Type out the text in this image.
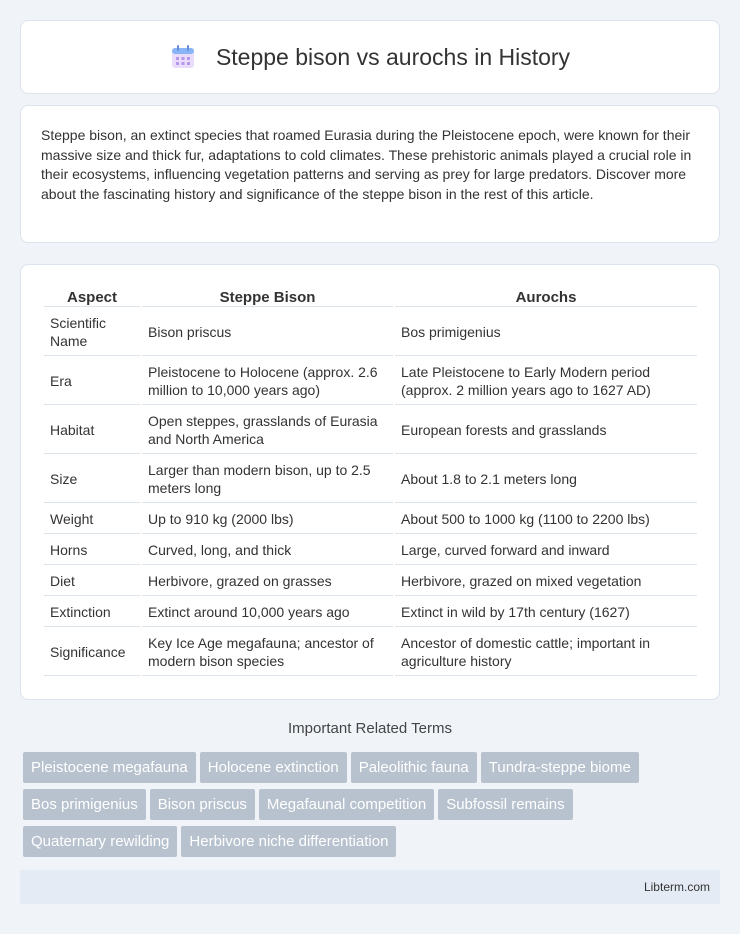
Steppe bison vs aurochs in History

Steppe bison, an extinct species that roamed Eurasia during the Pleistocene epoch, were known for their massive size and thick fur, adaptations to cold climates. These prehistoric animals played a crucial role in their ecosystems, influencing vegetation patterns and serving as prey for large predators. Discover more about the fascinating history and significance of the steppe bison in the rest of this article.

Aspect	Steppe Bison	Aurochs
Scientific Name	Bison priscus	Bos primigenius
Era	Pleistocene to Holocene (approx. 2.6 million to 10,000 years ago)	Late Pleistocene to Early Modern period (approx. 2 million years ago to 1627 AD)
Habitat	Open steppes, grasslands of Eurasia and North America	European forests and grasslands
Size	Larger than modern bison, up to 2.5 meters long	About 1.8 to 2.1 meters long
Weight	Up to 910 kg (2000 lbs)	About 500 to 1000 kg (1100 to 2200 lbs)
Horns	Curved, long, and thick	Large, curved forward and inward
Diet	Herbivore, grazed on grasses	Herbivore, grazed on mixed vegetation
Extinction	Extinct around 10,000 years ago	Extinct in wild by 17th century (1627)
Significance	Key Ice Age megafauna; ancestor of modern bison species	Ancestor of domestic cattle; important in agriculture history
Important Related Terms
Pleistocene megafauna Holocene extinction Paleolithic fauna Tundra-steppe biome
Bos primigenius Bison priscus Megafaunal competition Subfossil remains
Quaternary rewilding Herbivore niche differentiation
Libterm.com
